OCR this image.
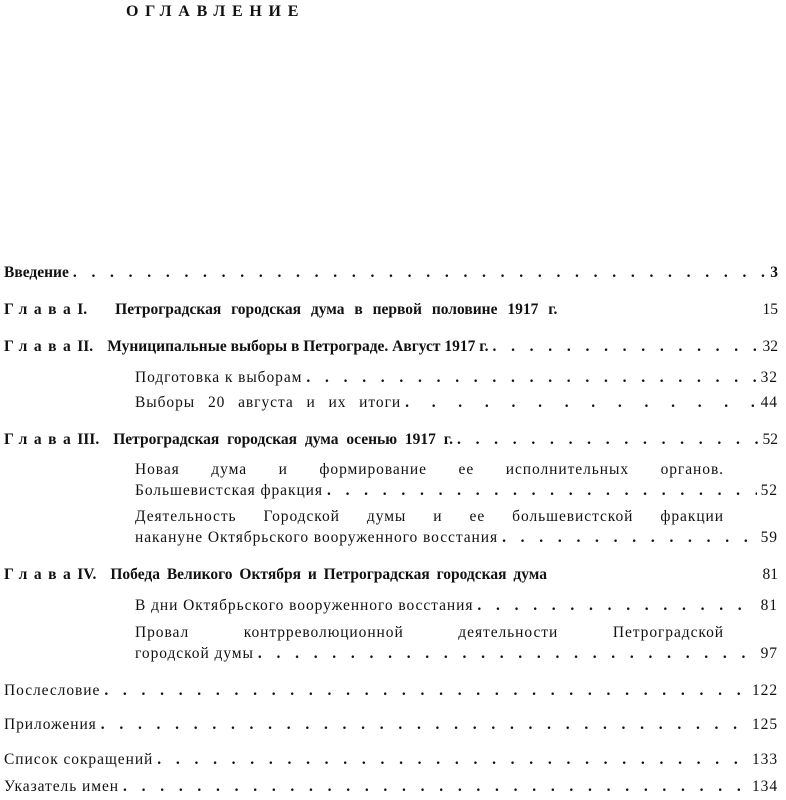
ОГЛАВЛЕНИЕ
Введение . . .	3
Глава I. Петроградская городская дума в первой половине 1917 г.	15
Глава II. Муниципальные выборы в Петрограде. Август 1917 г. . . .	32
Подготовка к выборам . . .	32
Выборы 20 августа и их итоги . . .	44
Глава III. Петроградская городская дума осенью 1917 г. . . .	52
Новая дума и формирование ее исполнительных органов.
Большевистская фракция . . .	52
Деятельность Городской думы и ее большевистской фракции
накануне Октябрьского вооруженного восстания . . .	59
Глава IV. Победа Великого Октября и Петроградская городская дума	81
В дни Октябрьского вооруженного восстания . . .	81
Провал контрреволюционной деятельности Петроградской
городской думы . . .	97
Послесловие . . .	122
Приложения . . .	125
Список сокращений . . .	133
Указатель имен . . .	134
